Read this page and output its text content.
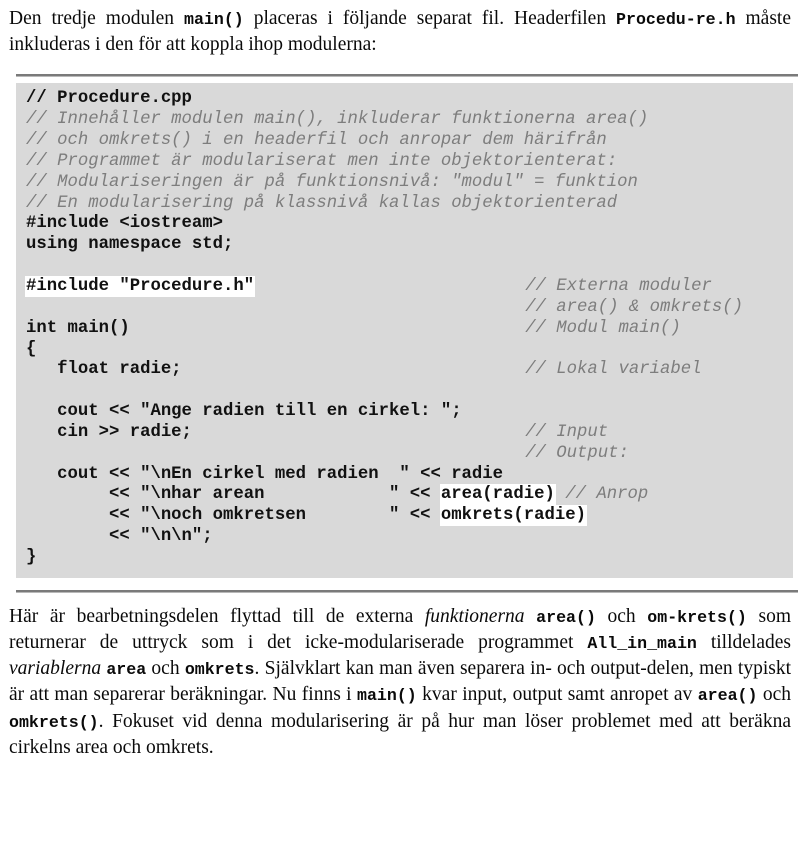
Den tredje modulen main() placeras i följande separat fil. Headerfilen Procedu-re.h måste inkluderas i den för att koppla ihop modulerna:

// Procedure.cpp
// Innehåller modulen main(), inkluderar funktionerna area()
// och omkrets() i en headerfil och anropar dem härifrån
// Programmet är modulariserat men inte objektorienterat:
// Modulariseringen är på funktionsnivå: "modul" = funktion
// En modularisering på klassnivå kallas objektorienterad
#include <iostream>
using namespace std;

#include "Procedure.h"	// Externa moduler
// area() & omkrets()
int main()	// Modul main()
{
float radie;	// Lokal variabel

cout << "Ange radien till en cirkel: ";
cin >> radie;	// Input
// Output:
cout << "\nEn cirkel med radien  " << radie
<< "\nhar arean            " << area(radie) // Anrop
<< "\noch omkretsen        " << omkrets(radie)
<< "\n\n";
}

Här är bearbetningsdelen flyttad till de externa funktionerna area() och om-krets() som returnerar de uttryck som i det icke-modulariserade programmet All_in_main tilldelades variablerna area och omkrets. Självklart kan man även separera in- och output-delen, men typiskt är att man separerar beräkningar. Nu finns i main() kvar input, output samt anropet av area() och omkrets(). Fokuset vid denna modularisering är på hur man löser problemet med att beräkna cirkelns area och omkrets.
